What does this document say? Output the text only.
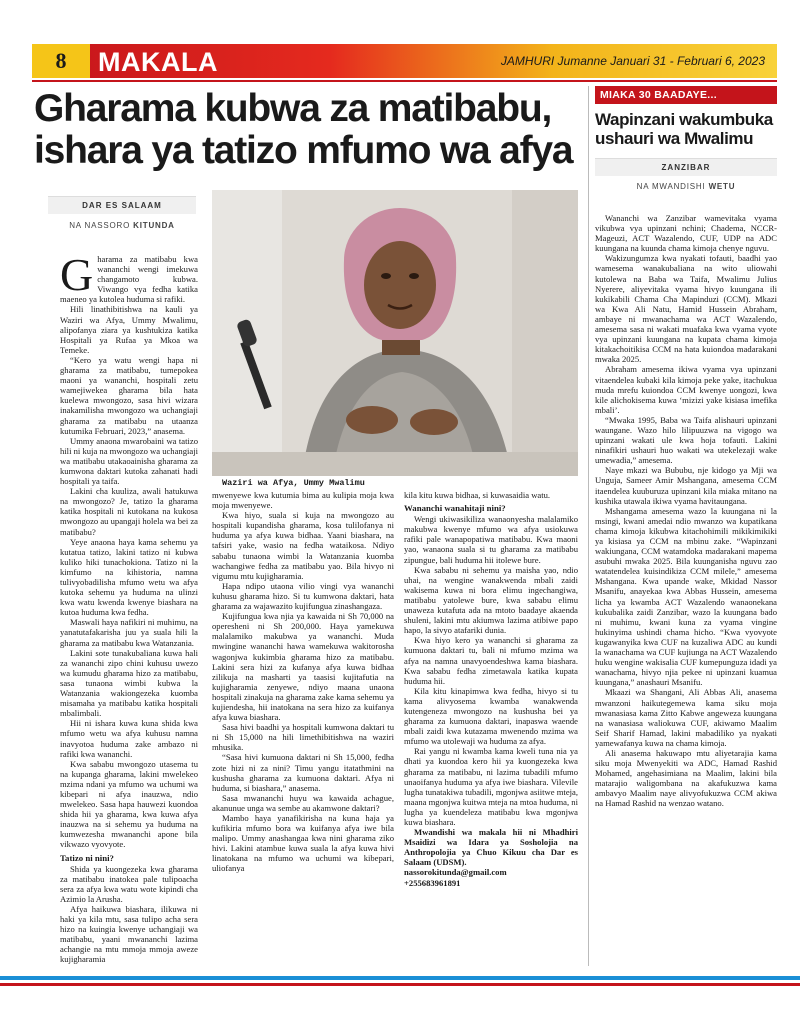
8	MAKALA	JAMHURI Jumanne Januari 31 - Februari 6, 2023
Gharama kubwa za matibabu, ishara ya tatizo mfumo wa afya
DAR ES SALAAM
NA NASSORO KITUNDA
Waziri wa Afya, Ummy Mwalimu
G harama za matibabu kwa wananchi wengi imekuwa changamoto kubwa. Viwango vya fedha katika maeneo ya kutolea huduma si rafiki.

Hili linathibitishwa na kauli ya Waziri wa Afya, Ummy Mwalimu, alipofanya ziara ya kushtukiza katika Hospitali ya Rufaa ya Mkoa wa Temeke.

“Kero ya watu wengi hapa ni gharama za matibabu, tumepokea maoni ya wananchi, hospitali zetu wamejiwekea gharama bila hata kuelewa mwongozo, sasa hivi wizara inakamilisha mwongozo wa uchangiaji gharama za matibabu na utaanza kutumika Februari, 2023,” anasema.

Ummy anaona mwarobaini wa tatizo hili ni kuja na mwongozo wa uchangiaji wa matibabu utakaoainisha gharama za kumwona daktari kutoka zahanati hadi hospitali ya taifa.

Lakini cha kuuliza, awali hatukuwa na mwongozo? Je, tatizo la gharama katika hospitali ni kutokana na kukosa mwongozo au upangaji holela wa bei za matibabu?

Yeye anaona haya kama sehemu ya kutatua tatizo, lakini tatizo ni kubwa kuliko hiki tunachokiona. Tatizo ni la kimfumo na kihistoria, namna tulivyobadilisha mfumo wetu wa afya kutoka sehemu ya huduma na ulinzi kwa watu kwenda kwenye biashara na kutoa huduma kwa fedha.

Maswali haya nafikiri ni muhimu, na yanatutafakarisha juu ya suala hili la gharama za matibabu kwa Watanzania.

Lakini sote tunakubaliana kuwa hali za wananchi zipo chini kuhusu uwezo wa kumudu gharama hizo za matibabu, sasa tunaona wimbi kubwa la Watanzania wakiongezeka kuomba misamaha ya matibabu katika hospitali mbalimbali.

Hii ni ishara kuwa kuna shida kwa mfumo wetu wa afya kuhusu namna inavyotoa huduma zake ambazo ni rafiki kwa wananchi.

Kwa sababu mwongozo utasema tu na kupanga gharama, lakini mwelekeo mzima ndani ya mfumo wa uchumi wa kibepari ni afya inauzwa, ndio mwelekeo. Sasa hapa hauwezi kuondoa shida hii ya gharama, kwa kuwa afya inauzwa na si sehemu ya huduma na kumwezesha mwananchi apone bila vikwazo vyovyote.

Tatizo ni nini?

Shida ya kuongezeka kwa gharama za matibabu inatokea pale tulipoacha sera za afya kwa watu wote kipindi cha Azimio la Arusha.

Afya haikuwa biashara, ilikuwa ni haki ya kila mtu, sasa tulipo acha sera hizo na kuingia kwenye uchangiaji wa matibabu, yaani mwananchi lazima achangie na mtu mmoja mmoja aweze kujigharamia

mwenyewe kwa kutumia bima au kulipia moja kwa moja mwenyewe.

Kwa hiyo, suala si kuja na mwongozo au hospitali kupandisha gharama, kosa tulilofanya ni huduma ya afya kuwa bidhaa. Yaani biashara, na tafsiri yake, wasio na fedha wataikosa. Ndiyo sababu tunaona wimbi la Watanzania kuomba wachangiwe fedha za matibabu yao. Bila hivyo ni vigumu mtu kujigharamia.

Hapa ndipo utaona vilio vingi vya wananchi kuhusu gharama hizo. Si tu kumwona daktari, hata gharama za wajawazito kujifungua zinashangaza.

Kujifungua kwa njia ya kawaida ni Sh 70,000 na operesheni ni Sh 200,000. Haya yamekuwa malalamiko makubwa ya wananchi. Muda mwingine wananchi hawa wamekuwa wakitorosha wagonjwa kukimbia gharama hizo za matibabu. Lakini sera hizi za kufanya afya kuwa bidhaa zilikuja na masharti ya taasisi kujitafutia na kujigharamia zenyewe, ndiyo maana unaona hospitali zinakuja na gharama zake kama sehemu ya kujiendesha, hii inatokana na sera hizo za kuifanya afya kuwa biashara.

Sasa hivi baadhi ya hospitali kumwona daktari tu ni Sh 15,000 na hili limethibitishwa na waziri mhusika.

“Sasa hivi kumuona daktari ni Sh 15,000, fedha zote hizi ni za nini? Timu yangu itatathmini na kushusha gharama za kumuona daktari. Afya ni huduma, si biashara,” anasema.

Sasa mwananchi huyu wa kawaida achague, akanunue unga wa sembe au akamwone daktari?

Mambo haya yanafikirisha na kuna haja ya kufikiria mfumo bora wa kuifanya afya iwe bila malipo. Ummy anashangaa kwa nini gharama ziko hivi. Lakini atambue kuwa suala la afya kuwa hivi linatokana na mfumo wa uchumi wa kibepari, uliofanya

kila kitu kuwa bidhaa, si kuwasaidia watu.

Wananchi wanahitaji nini?

Wengi ukiwasikiliza wanaonyesha malalamiko makubwa kwenye mfumo wa afya usiokuwa rafiki pale wanapopatiwa matibabu. Kwa maoni yao, wanaona suala si tu gharama za matibabu zipungue, bali huduma hii itolewe bure.

Kwa sababu ni sehemu ya maisha yao, ndio uhai, na wengine wanakwenda mbali zaidi wakisema kuwa ni bora elimu ingechangiwa, matibabu yatolewe bure, kwa sababu elimu unaweza kutafuta ada na mtoto baadaye akaenda shuleni, lakini mtu akiumwa lazima atibiwe papo hapo, la sivyo atafariki dunia.

Kwa hiyo kero ya wananchi si gharama za kumuona daktari tu, bali ni mfumo mzima wa afya na namna unavyoendeshwa kama biashara. Kwa sababu fedha zimetawala katika kupata huduma hii.

Kila kitu kinapimwa kwa fedha, hivyo si tu kama alivyosema kwamba wanakwenda kutengeneza mwongozo na kushusha bei ya gharama za kumuona daktari, inapaswa waende mbali zaidi kwa kutazama mwenendo mzima wa mfumo wa utolewaji wa huduma za afya.

Rai yangu ni kwamba kama kweli tuna nia ya dhati ya kuondoa kero hii ya kuongezeka kwa gharama za matibabu, ni lazima tubadili mfumo unaoifanya huduma ya afya iwe biashara. Vilevile lugha tunatakiwa tubadili, mgonjwa asiitwe mteja, maana mgonjwa kuitwa mteja na mtoa huduma, ni lugha ya kuendeleza matibabu kwa mgonjwa kuwa biashara.

Mwandishi wa makala hii ni Mhadhiri Msaidizi wa Idara ya Sosholojia na Anthropolojia ya Chuo Kikuu cha Dar es Salaam (UDSM).

nassorokitunda@gmail.com

+255683961891

MIAKA 30 BAADAYE...
Wapinzani wakumbuka ushauri wa Mwalimu
ZANZIBAR
NA MWANDISHI WETU

Wananchi wa Zanzibar wamevitaka vyama vikubwa vya upinzani nchini; Chadema, NCCR-Mageuzi, ACT Wazalendo, CUF, UDP na ADC kuungana na kuunda chama kimoja chenye nguvu.

Wakizungumza kwa nyakati tofauti, baadhi yao wamesema wanakubaliana na wito uliowahi kutolewa na Baba wa Taifa, Mwalimu Julius Nyerere, aliyevitaka vyama hivyo kuungana ili kukikabili Chama Cha Mapinduzi (CCM). Mkazi wa Kwa Ali Natu, Hamid Hussein Abraham, ambaye ni mwanachama wa ACT Wazalendo, amesema sasa ni wakati muafaka kwa vyama vyote vya upinzani kuungana na kupata chama kimoja kitakachoitikisa CCM na hata kuiondoa madarakani mwaka 2025.

Abraham amesema ikiwa vyama vya upinzani vitaendelea kubaki kila kimoja peke yake, itachukua muda mrefu kuiondoa CCM kwenye uongozi, kwa kile alichokisema kuwa ‘mizizi yake kisiasa imefika mbali’.

“Mwaka 1995, Baba wa Taifa alishauri upinzani waungane. Wazo hilo lilipuuzwa na vigogo wa upinzani wakati ule kwa hoja tofauti. Lakini ninafikiri ushauri huo wakati wa utekelezaji wake umewadia,” amesema.

Naye mkazi wa Bububu, nje kidogo ya Mji wa Unguja, Sameer Amir Mshangana, amesema CCM itaendelea kuuburuza upinzani kila miaka mitano na kushika utawala ikiwa vyama havitaungana.

Mshangama amesema wazo la kuungana ni la msingi, kwani amedai ndio mwanzo wa kupatikana chama kimoja kikubwa kitachohimili mikikimikiki ya kisiasa ya CCM na mbinu zake. “Wapinzani wakiungana, CCM watamdoka madarakani mapema asubuhi mwaka 2025. Bila kuunganisha nguvu zao watatendelea kuisindikiza CCM milele,” amesema Mshangana. Kwa upande wake, Mkidad Nassor Msanifu, anayekaa kwa Abbas Hussein, amesema licha ya kwamba ACT Wazalendo wanaonekana kukubalika zaidi Zanzibar, wazo la kuungana bado ni muhimu, kwani kuna za vyama vingine hukinyima ushindi chama hicho. “Kwa vyovyote kugawanyika kwa CUF na kuzaliwa ADC au kundi la wanachama wa CUF kujiunga na ACT Wazalendo huku wengine wakisalia CUF kumepunguza idadi ya wanachama, hivyo njia pekee ni upinzani kuamua kuungana,” anashauri Msanifu.

Mkaazi wa Shangani, Ali Abbas Ali, anasema mwanzoni haikutegemewa kama siku moja mwanasiasa kama Zitto Kabwe angeweza kuungana na wanasiasa waliokuwa CUF, akiwamo Maalim Seif Sharif Hamad, lakini mabadiliko ya nyakati yamewafanya kuwa na chama kimoja.

Ali anasema hakuwapo mtu aliyetarajia kama siku moja Mwenyekiti wa ADC, Hamad Rashid Mohamed, angehasimiana na Maalim, lakini bila matarajio waligombana na akafukuzwa kama ambavyo Maalim naye alivyofukuzwa CCM akiwa na Hamad Rashid na wenzao watano.
